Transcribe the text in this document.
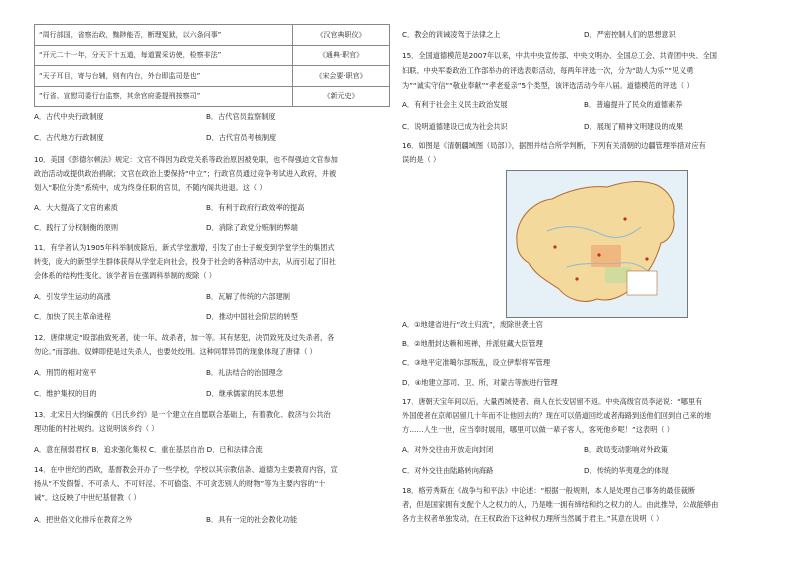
“周行部国，省察治政，黜陟能否，断理冤狱，以六条问事”	《汉官典职仪》
“开元二十一年，分天下十五道，每道置采访使，检察非法”	《通典·职官》
“天子耳目，寄与台辅，则有内台，外台即监司是也”	《宋会要·职官》
“行省、宣慰司委行台监察，其余官府委提刑按察司”	《新元史》
A．古代中央行政制度	B．古代官员监察制度
C．古代地方行政制度	D．古代官员考核制度
10．美国《彭德尔顿法》规定：文官不得因为政党关系等政治原因被免职，也不得强迫文官参加
政治活动或提供政治捐献；文官在政治上要保持“中立”；行政官员通过竞争考试进入政府，并被
划入“职位分类”系统中，成为终身任职的官员，不随内阁共进退。这（ ）
A．大大提高了文官的素质	B．有利于政府行政效率的提高
C．践行了分权制衡的原则	D．消除了政党分赃制的弊端
11．有学者认为1905年科举制废除后，新式学堂激增，引发了由士子蜕变到学堂学生的集团式
转变，庞大的新型学生群体获得从学堂走向社会，投身于社会的各种活动中去，从而引起了旧社
会体系的结构性变化。该学者旨在强调科举制的废除（ ）
A．引发学生运动的高涨	B．瓦解了传统的六部建制
C．加快了民主革命进程	D．推动中国社会阶层的转型
12．唐律规定“殴部曲致死者，徒一年。故杀者，加一等。其有惩犯，决罚致死及过失杀者，各
勿论。”而部曲、奴婢即使是过失杀人，也要处绞刑。这种同罪异罚的现象体现了唐律（ ）
A．刑罚的相对宽平	B．礼法结合的治国理念
C．维护集权的目的	D．继承儒家的民本思想
13．北宋吕大钧编撰的《吕氏乡约》是一个建立在自愿联合基础上，有着教化、救济与公共治
理功能的村社规约。这说明该乡约（ ）
A．意在削弱君权 B．追求强化集权 C．重在基层自治 D．已和法律合流
14．在中世纪的西欧，基督教会开办了一些学校，学校以其宗教信条、道德为主要教育内容，宣
扬从“不发假誓、不可杀人、不可奸淫、不可偷盗、不可贪恋别人的财物”等为主要内容的“十
诫”。这反映了中世纪基督教（ ）
A．把世俗文化排斥在教育之外	B．具有一定的社会教化功能
C．教会的训诫凌驾于法律之上	D．严密控制人们的思想意识
15．全国道德模范是2007年以来，中共中央宣传部、中央文明办、全国总工会、共青团中央、全国
妇联、中央军委政治工作部举办的评选表彰活动，每两年评选一次，分为“助人为乐”“见义勇
为”“诚实守信”“敬业奉献”“孝老爱亲”5个类型，该评选活动今年八届。道德模范的评选（ ）
A．有利于社会主义民主政治发展	B．普遍提升了民众的道德素养
C．说明道德建设已成为社会共识	D．展现了精神文明建设的成果
16．如图是《清朝疆域图（局部）》，据图并结合所学判断，下列有关清朝的边疆管理举措对应有
误的是（ ）
A．①地建省进行“改土归流”，废除世袭土官
B．②地册封达赖和班禅，并派驻藏大臣管理
C．③地平定准噶尔部叛乱，设立伊犁将军管理
D．④地建立部司、卫、所，对蒙古等族进行管理
17．唐朝天宝年间以后，大量西域使者、商人在长安居留不返。中央高级官员李泌说：“哪里有
外国使者在京师居留几十年而不让他回去的？现在可以借道回纥或者海路到送他们回到自己来的地
方……人生一世，应当奉时展用，哪里可以做一辈子客人，客死他乡呢！”这表明（ ）
A．对外交往由开放走向封闭	B．政局变动影响对外政策
C．对外交往由陆路转向海路	D．传统的华夷观念的体现
18．格劳秀斯在《战争与和平法》中论述：“根据一般规则，本人是处理自己事务的最佳裁断
者，但是国家拥有支配个人之权力的人，乃是唯一拥有缔结和约之权力的人。由此推导，公战能够由
各方主权者单独发动，在王权政治下这种权力理所当然属于君主。”其意在说明（ ）
